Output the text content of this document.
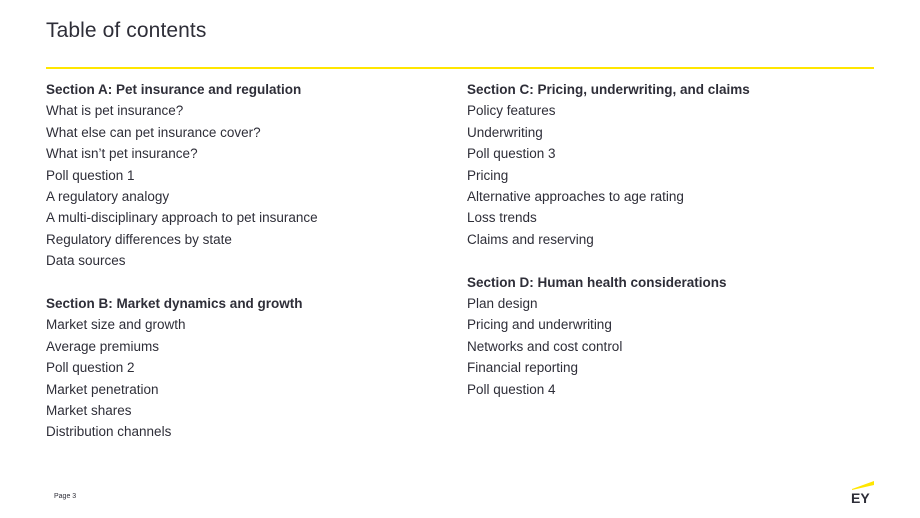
Table of contents
Section A: Pet insurance and regulation
What is pet insurance?
What else can pet insurance cover?
What isn’t pet insurance?
Poll question 1
A regulatory analogy
A multi-disciplinary approach to pet insurance
Regulatory differences by state
Data sources
Section B: Market dynamics and growth
Market size and growth
Average premiums
Poll question 2
Market penetration
Market shares
Distribution channels
Section C: Pricing, underwriting, and claims
Policy features
Underwriting
Poll question 3
Pricing
Alternative approaches to age rating
Loss trends
Claims and reserving
Section D: Human health considerations
Plan design
Pricing and underwriting
Networks and cost control
Financial reporting
Poll question 4
Page 3	EY
